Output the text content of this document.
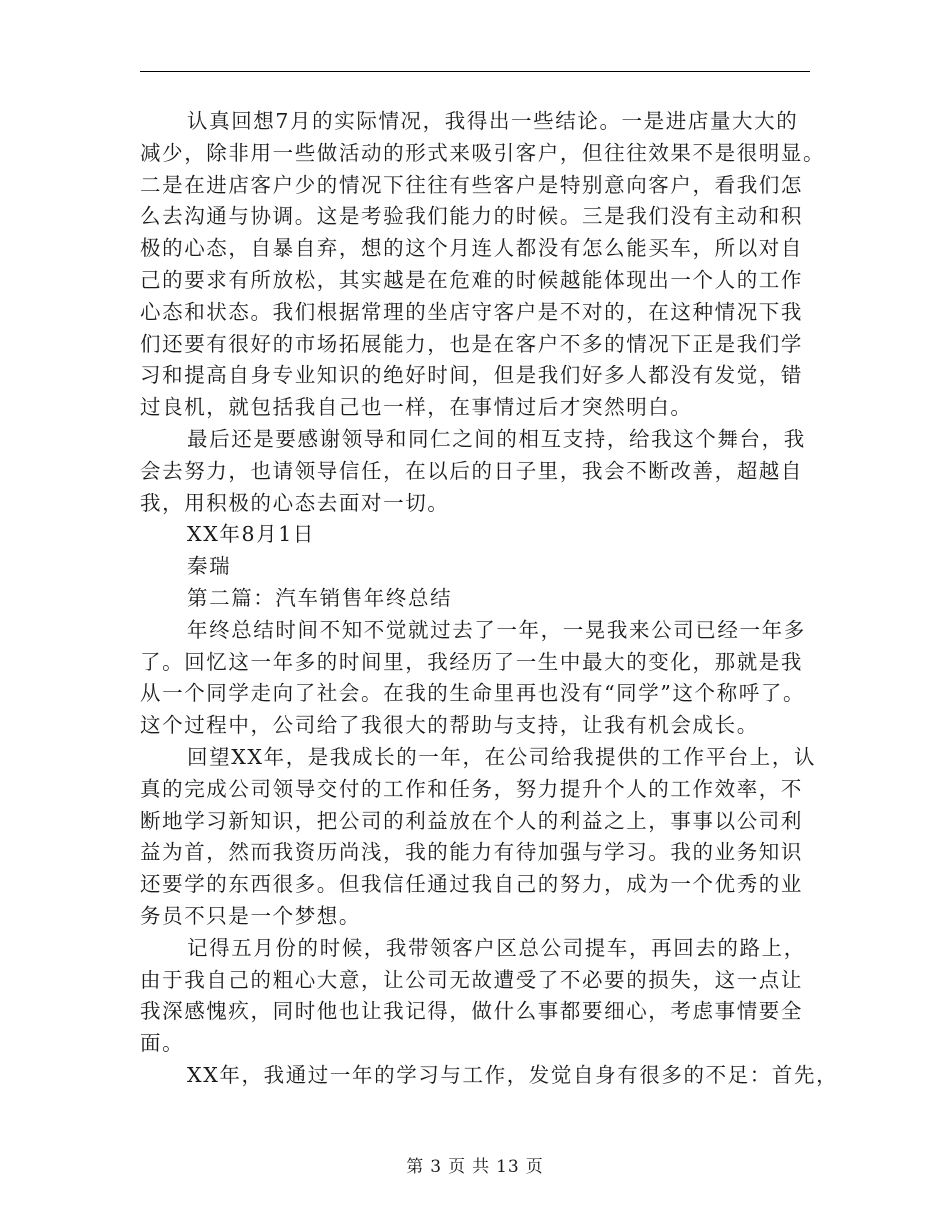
认真回想7月的实际情况，我得出一些结论。一是进店量大大的
减少，除非用一些做活动的形式来吸引客户，但往往效果不是很明显。
二是在进店客户少的情况下往往有些客户是特别意向客户，看我们怎
么去沟通与协调。这是考验我们能力的时候。三是我们没有主动和积
极的心态，自暴自弃，想的这个月连人都没有怎么能买车，所以对自
己的要求有所放松，其实越是在危难的时候越能体现出一个人的工作
心态和状态。我们根据常理的坐店守客户是不对的，在这种情况下我
们还要有很好的市场拓展能力，也是在客户不多的情况下正是我们学
习和提高自身专业知识的绝好时间，但是我们好多人都没有发觉，错
过良机，就包括我自己也一样，在事情过后才突然明白。
最后还是要感谢领导和同仁之间的相互支持，给我这个舞台，我
会去努力，也请领导信任，在以后的日子里，我会不断改善，超越自
我，用积极的心态去面对一切。
XX年8月1日
秦瑞
第二篇：汽车销售年终总结
年终总结时间不知不觉就过去了一年，一晃我来公司已经一年多
了。回忆这一年多的时间里，我经历了一生中最大的变化，那就是我
从一个同学走向了社会。在我的生命里再也没有“同学”这个称呼了。
这个过程中，公司给了我很大的帮助与支持，让我有机会成长。
回望XX年，是我成长的一年，在公司给我提供的工作平台上，认
真的完成公司领导交付的工作和任务，努力提升个人的工作效率，不
断地学习新知识，把公司的利益放在个人的利益之上，事事以公司利
益为首，然而我资历尚浅，我的能力有待加强与学习。我的业务知识
还要学的东西很多。但我信任通过我自己的努力，成为一个优秀的业
务员不只是一个梦想。
记得五月份的时候，我带领客户区总公司提车，再回去的路上，
由于我自己的粗心大意，让公司无故遭受了不必要的损失，这一点让
我深感愧疚，同时他也让我记得，做什么事都要细心，考虑事情要全
面。
XX年，我通过一年的学习与工作，发觉自身有很多的不足：首先，
第 3 页 共 13 页
